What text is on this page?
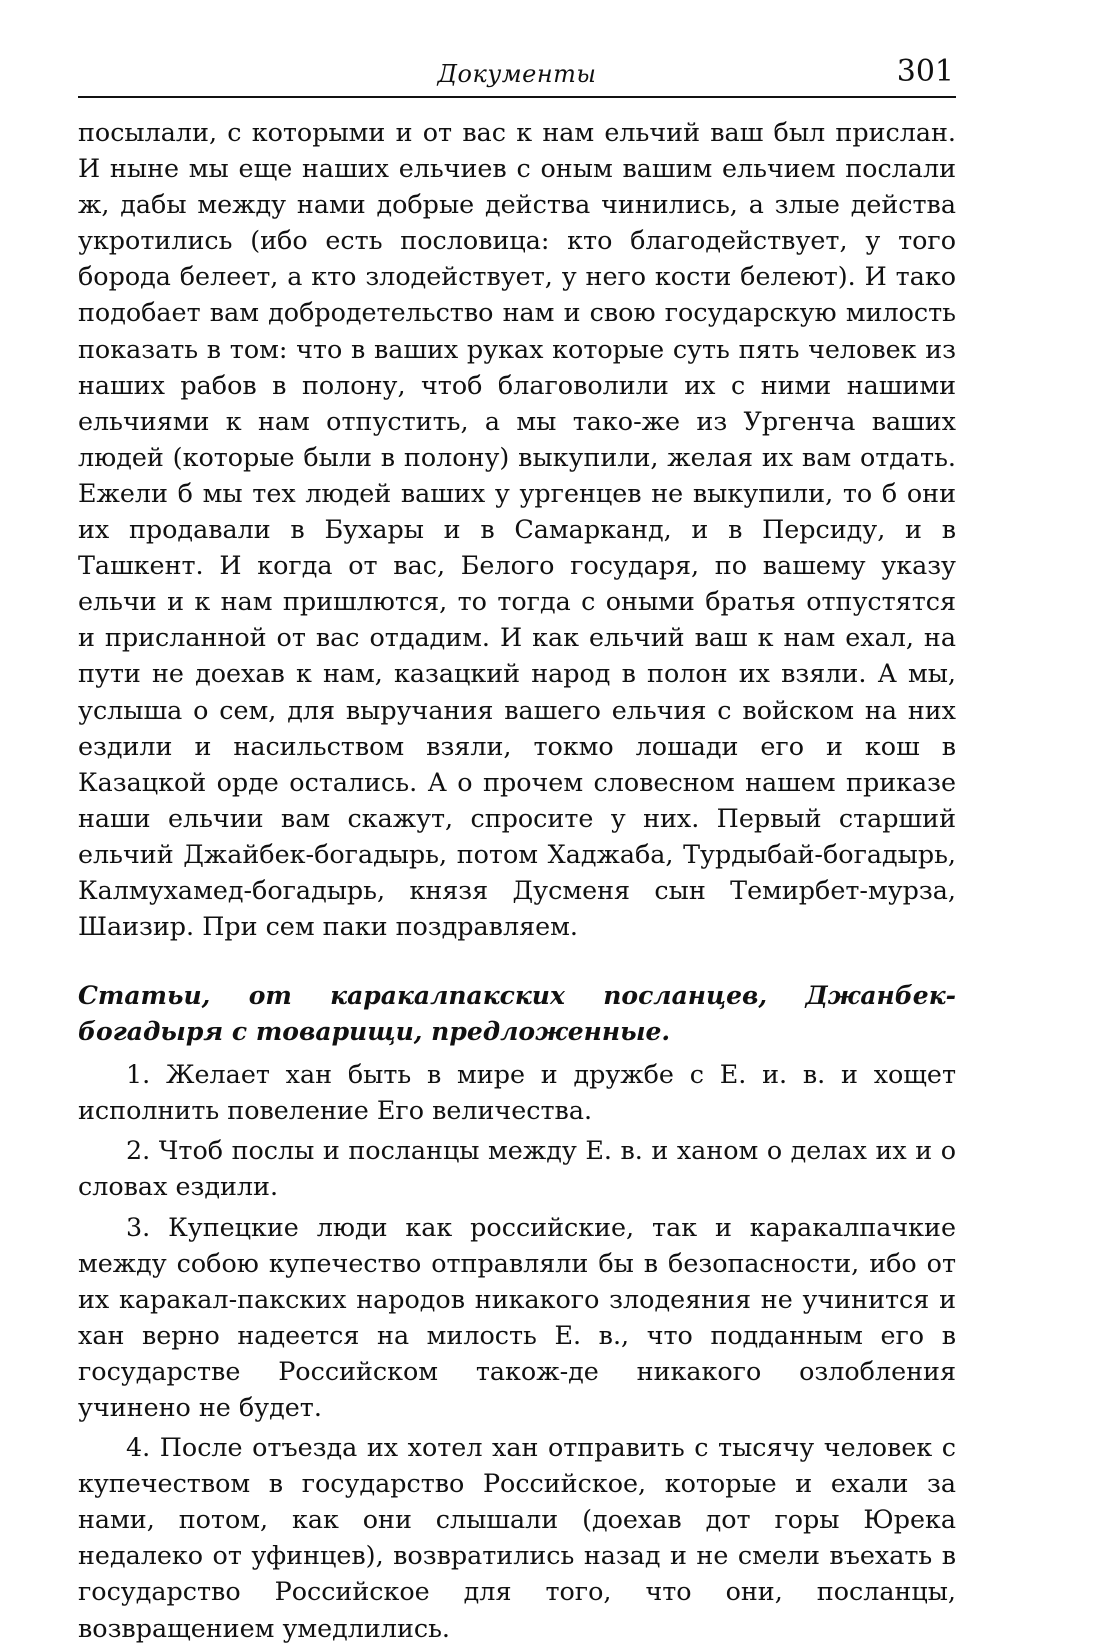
Документы	301

посылали, с которыми и от вас к нам ельчий ваш был прислан. И ныне мы еще наших ельчиев с оным вашим ельчием послали ж, дабы между нами добрые действа чинились, а злые действа укротились (ибо есть пословица: кто благодействует, у того борода белеет, а кто злодействует, у него кости белеют). И тако подобает вам добродетельство нам и свою государскую милость показать в том: что в ваших руках которые суть пять человек из наших рабов в полону, чтоб благоволили их с ними нашими ельчиями к нам отпустить, а мы тако-же из Ургенча ваших людей (которые были в полону) выкупили, желая их вам отдать. Ежели б мы тех людей ваших у ургенцев не выкупили, то б они их продавали в Бухары и в Самарканд, и в Персиду, и в Ташкент. И когда от вас, Белого государя, по вашему указу ельчи и к нам пришлются, то тогда с оными братья отпустятся и присланной от вас отдадим. И как ельчий ваш к нам ехал, на пути не доехав к нам, казацкий народ в полон их взяли. А мы, услыша о сем, для выручания вашего ельчия с войском на них ездили и насильством взяли, токмо лошади его и кош в Казацкой орде остались. А о прочем словесном нашем приказе наши ельчии вам скажут, спросите у них. Первый старший ельчий Джайбек-богадырь, потом Хаджаба, Турдыбай-богадырь, Калмухамед-богадырь, князя Дусменя сын Темирбет-мурза, Шаизир. При сем паки поздравляем.

Статьи, от каракалпакских посланцев, Джанбек-богадыря с товарищи, предложенные.

1. Желает хан быть в мире и дружбе с Е. и. в. и хощет исполнить повеление Его величества.

2. Чтоб послы и посланцы между Е. в. и ханом о делах их и о словах ездили.

3. Купецкие люди как российские, так и каракалпачкие между собою купечество отправляли бы в безопасности, ибо от их каракал-пакских народов никакого злодеяния не учинится и хан верно надеется на милость Е. в., что подданным его в государстве Российском також-де никакого озлобления учинено не будет.

4. После отъезда их хотел хан отправить с тысячу человек с купечеством в государство Российское, которые и ехали за нами, потом, как они слышали (доехав дот горы Юрека недалеко от уфинцев), возвратились назад и не смели въехать в государство Российское для того, что они, посланцы, возвращением умедлились.
